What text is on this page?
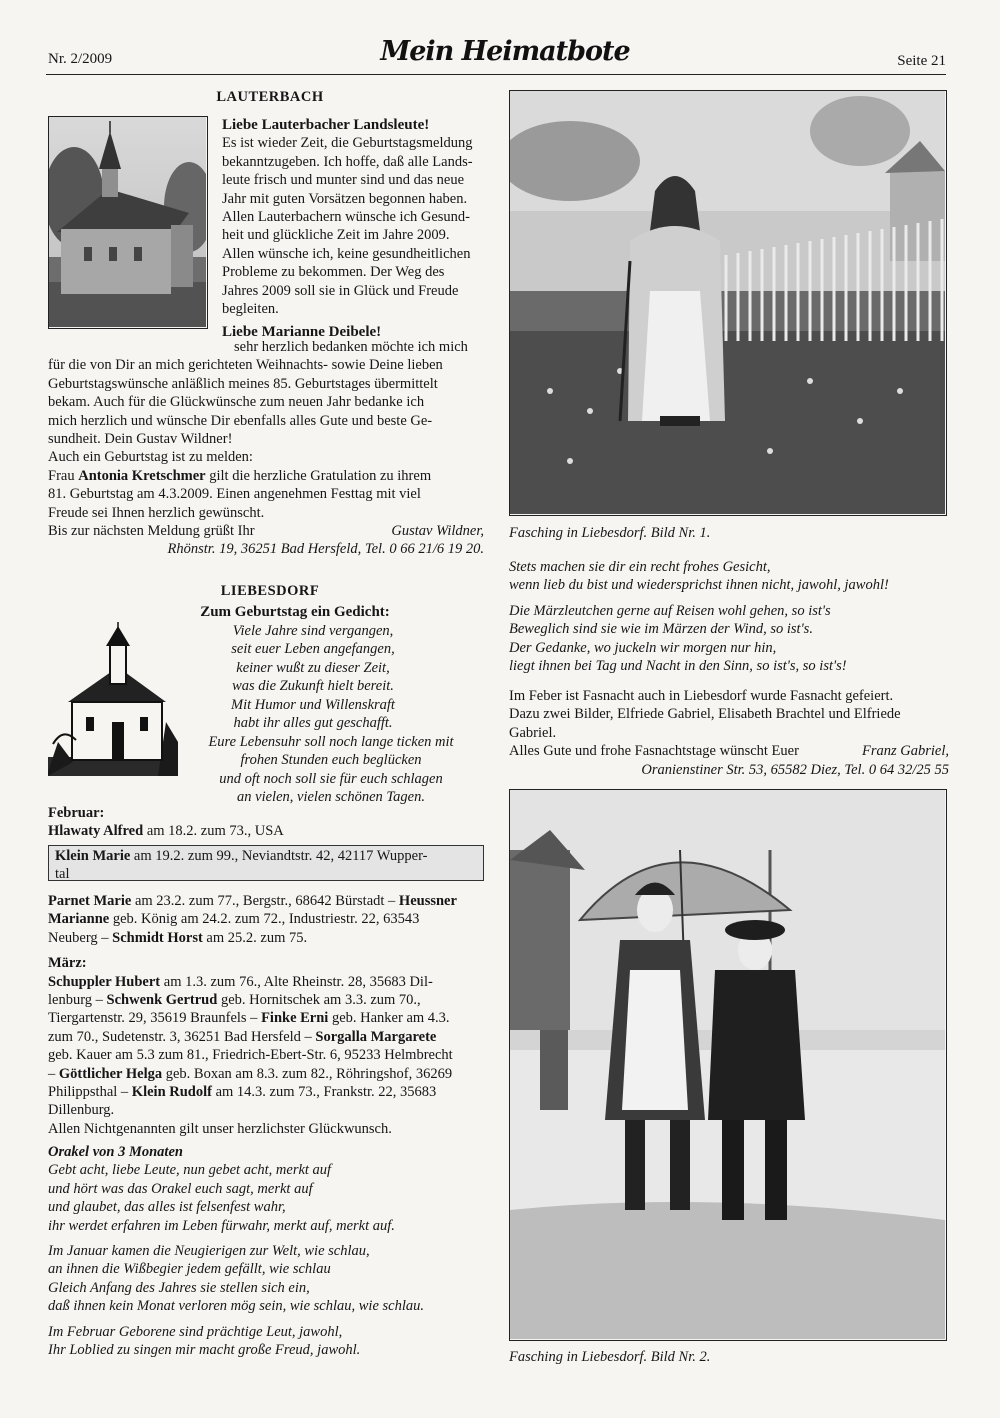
Nr. 2/2009	Mein Heimatbote	Seite 21
LAUTERBACH

Liebe Lauterbacher Landsleute!

Es ist wieder Zeit, die Geburtstagsmeldung

bekanntzugeben. Ich hoffe, daß alle Lands-

leute frisch und munter sind und das neue

Jahr mit guten Vorsätzen begonnen haben.

Allen Lauterbachern wünsche ich Gesund-

heit und glückliche Zeit im Jahre 2009.

Allen wünsche ich, keine gesundheitlichen

Probleme zu bekommen. Der Weg des

Jahres 2009 soll sie in Glück und Freude

begleiten.

Liebe Marianne Deibele!

sehr herzlich bedanken möchte ich mich

für die von Dir an mich gerichteten Weihnachts- sowie Deine lieben

Geburtstagswünsche anläßlich meines 85. Geburtstages übermittelt

bekam. Auch für die Glückwünsche zum neuen Jahr bedanke ich

mich herzlich und wünsche Dir ebenfalls alles Gute und beste Ge-

sundheit. Dein Gustav Wildner!

Auch ein Geburtstag ist zu melden:

Frau Antonia Kretschmer gilt die herzliche Gratulation zu ihrem

81. Geburtstag am 4.3.2009. Einen angenehmen Festtag mit viel

Freude sei Ihnen herzlich gewünscht.

Bis zur nächsten Meldung grüßt Ihr	Gustav Wildner,

Rhönstr. 19, 36251 Bad Hersfeld, Tel. 0 66 21/6 19 20.

LIEBESDORF
Zum Geburtstag ein Gedicht:

Viele Jahre sind vergangen,

seit euer Leben angefangen,

keiner wußt zu dieser Zeit,

was die Zukunft hielt bereit.

Mit Humor und Willenskraft

habt ihr alles gut geschafft.

Eure Lebensuhr soll noch lange ticken mit

frohen Stunden euch beglücken

und oft noch soll sie für euch schlagen

an vielen, vielen schönen Tagen.

Februar:

Hlawaty Alfred am 18.2. zum 73., USA

Klein Marie am 19.2. zum 99., Neviandtstr. 42, 42117 Wupper-

tal

Parnet Marie am 23.2. zum 77., Bergstr., 68642 Bürstadt – Heussner

Marianne geb. König am 24.2. zum 72., Industriestr. 22, 63543

Neuberg – Schmidt Horst am 25.2. zum 75.

März:

Schuppler Hubert am 1.3. zum 76., Alte Rheinstr. 28, 35683 Dil-

lenburg – Schwenk Gertrud geb. Hornitschek am 3.3. zum 70.,

Tiergartenstr. 29, 35619 Braunfels – Finke Erni geb. Hanker am 4.3.

zum 70., Sudetenstr. 3, 36251 Bad Hersfeld – Sorgalla Margarete

geb. Kauer am 5.3 zum 81., Friedrich-Ebert-Str. 6, 95233 Helmbrecht

– Göttlicher Helga geb. Boxan am 8.3. zum 82., Röhringshof, 36269

Philippsthal – Klein Rudolf am 14.3. zum 73., Frankstr. 22, 35683

Dillenburg.

Allen Nichtgenannten gilt unser herzlichster Glückwunsch.

Orakel von 3 Monaten

Gebt acht, liebe Leute, nun gebet acht, merkt auf

und hört was das Orakel euch sagt, merkt auf

und glaubet, das alles ist felsenfest wahr,

ihr werdet erfahren im Leben fürwahr, merkt auf, merkt auf.

Im Januar kamen die Neugierigen zur Welt, wie schlau,

an ihnen die Wißbegier jedem gefällt, wie schlau

Gleich Anfang des Jahres sie stellen sich ein,

daß ihnen kein Monat verloren mög sein, wie schlau, wie schlau.

Im Februar Geborene sind prächtige Leut, jawohl,

Ihr Loblied zu singen mir macht große Freud, jawohl.

Fasching in Liebesdorf. Bild Nr. 1.

Stets machen sie dir ein recht frohes Gesicht,

wenn lieb du bist und wiedersprichst ihnen nicht, jawohl, jawohl!

Die Märzleutchen gerne auf Reisen wohl gehen, so ist's

Beweglich sind sie wie im Märzen der Wind, so ist's.

Der Gedanke, wo juckeln wir morgen nur hin,

liegt ihnen bei Tag und Nacht in den Sinn, so ist's, so ist's!

Im Feber ist Fasnacht auch in Liebesdorf wurde Fasnacht gefeiert.

Dazu zwei Bilder, Elfriede Gabriel, Elisabeth Brachtel und Elfriede

Gabriel.

Alles Gute und frohe Fasnachtstage wünscht Euer	Franz Gabriel,

Oranienstiner Str. 53, 65582 Diez, Tel. 0 64 32/25 55

Fasching in Liebesdorf. Bild Nr. 2.
